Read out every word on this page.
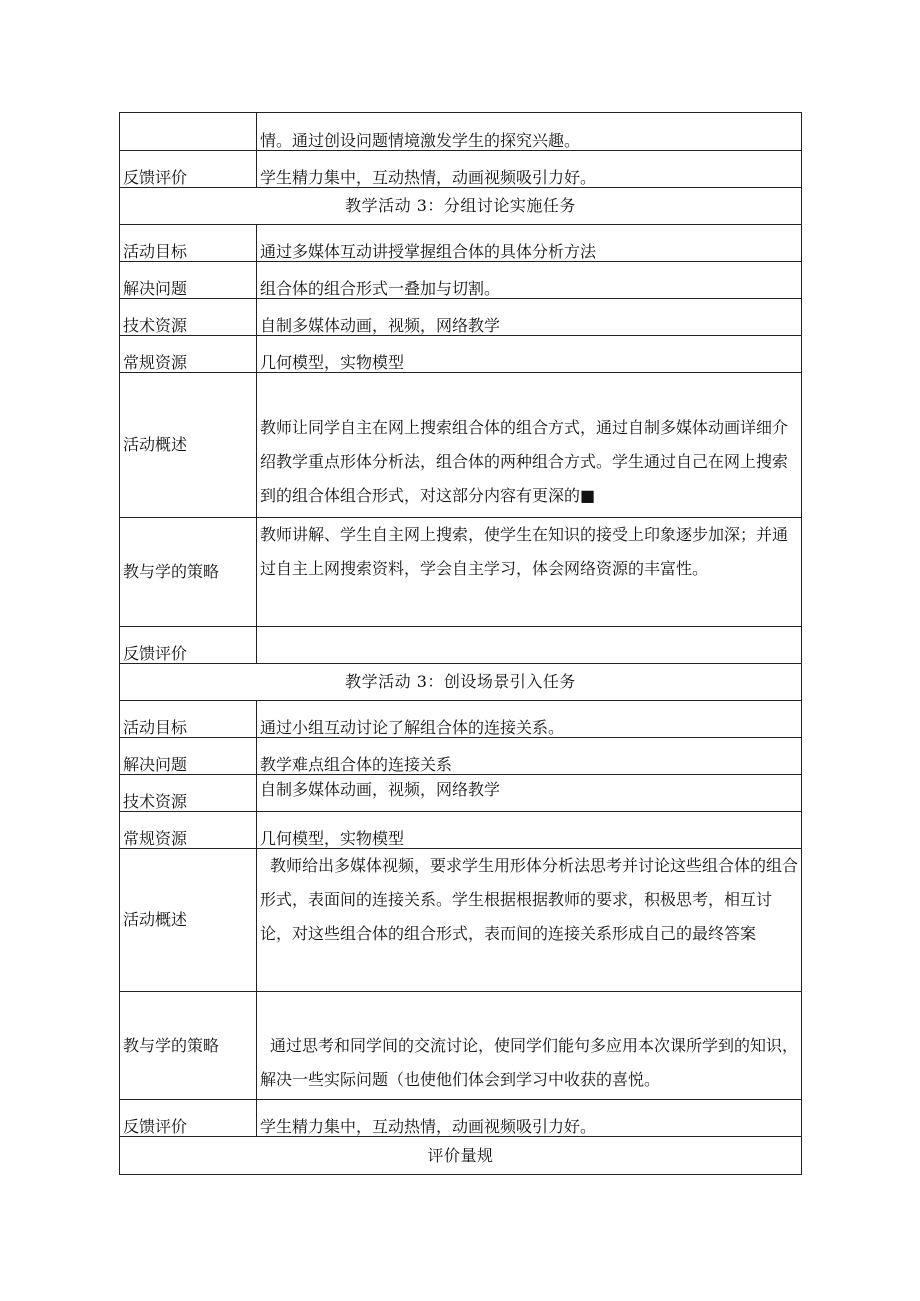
	情。通过创设问题情境激发学生的探究兴趣。
反馈评价	学生精力集中，互动热情，动画视频吸引力好。
教学活动 3：分组讨论实施任务	
活动目标	通过多媒体互动讲授掌握组合体的具体分析方法
解决问题	组合体的组合形式一叠加与切割。
技术资源	自制多媒体动画，视频，网络教学
常规资源	几何模型，实物模型
活动概述	教师让同学自主在网上搜索组合体的组合方式，通过自制多媒体动画详细介绍教学重点形体分析法，组合体的两种组合方式。学生通过自己在网上搜索到的组合体组合形式，对这部分内容有更深的■
教与学的策略	教师讲解、学生自主网上搜索，使学生在知识的接受上印象逐步加深；并通过自主上网搜索资料，学会自主学习，体会网络资源的丰富性。
反馈评价	
教学活动 3：创设场景引入任务	
活动目标	通过小组互动讨论了解组合体的连接关系。
解决问题	教学难点组合体的连接关系
技术资源	自制多媒体动画，视频，网络教学
常规资源	几何模型，实物模型
活动概述	教师给出多媒体视频，要求学生用形体分析法思考并讨论这些组合体的组合形式，表面间的连接关系。学生根据根据教师的要求，积极思考，相互讨论，对这些组合体的组合形式，表而间的连接关系形成自己的最终答案
教与学的策略	通过思考和同学间的交流讨论，使同学们能句多应用本次课所学到的知识，解决一些实际问题（也使他们体会到学习中收获的喜悦。
反馈评价	学生精力集中，互动热情，动画视频吸引力好。
评价量规	
